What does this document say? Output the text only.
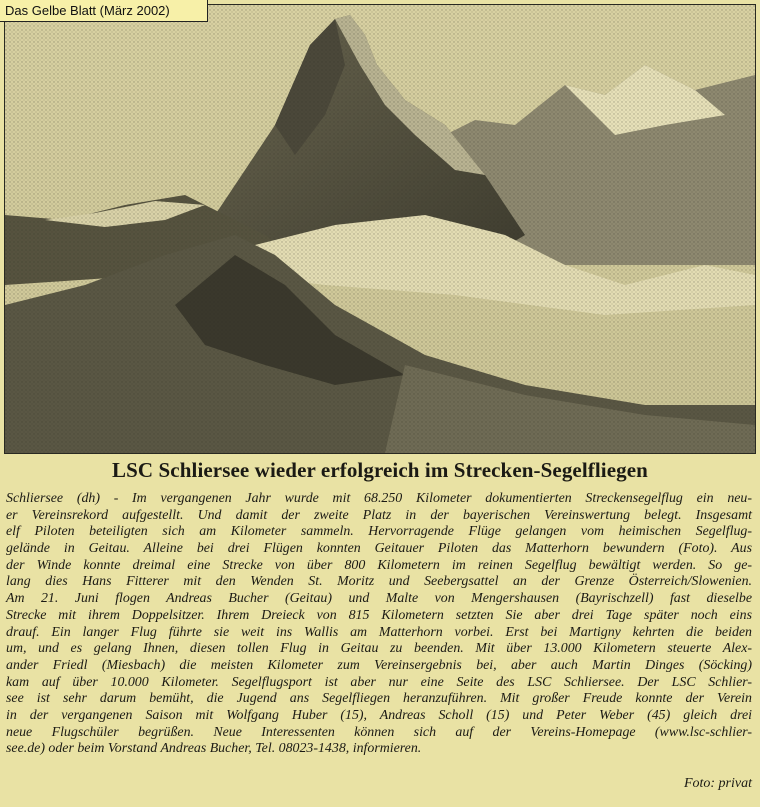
Das Gelbe Blatt (März 2002)
LSC Schliersee wieder erfolgreich im Strecken-Segelfliegen
Schliersee (dh) - Im vergangenen Jahr wurde mit 68.250 Kilometer dokumentierten Streckensegelflug ein neu-
er Vereinsrekord aufgestellt. Und damit der zweite Platz in der bayerischen Vereinswertung belegt. Insgesamt
elf Piloten beteiligten sich am Kilometer sammeln. Hervorragende Flüge gelangen vom heimischen Segelflug-
gelände in Geitau. Alleine bei drei Flügen konnten Geitauer Piloten das Matterhorn bewundern (Foto). Aus
der Winde konnte dreimal eine Strecke von über 800 Kilometern im reinen Segelflug bewältigt werden. So ge-
lang dies Hans Fitterer mit den Wenden St. Moritz und Seebergsattel an der Grenze Österreich/Slowenien.
Am 21. Juni flogen Andreas Bucher (Geitau) und Malte von Mengershausen (Bayrischzell) fast dieselbe
Strecke mit ihrem Doppelsitzer. Ihrem Dreieck von 815 Kilometern setzten Sie aber drei Tage später noch eins
drauf. Ein langer Flug führte sie weit ins Wallis am Matterhorn vorbei. Erst bei Martigny kehrten die beiden
um, und es gelang Ihnen, diesen tollen Flug in Geitau zu beenden. Mit über 13.000 Kilometern steuerte Alex-
ander Friedl (Miesbach) die meisten Kilometer zum Vereinsergebnis bei, aber auch Martin Dinges (Söcking)
kam auf über 10.000 Kilometer. Segelflugsport ist aber nur eine Seite des LSC Schliersee. Der LSC Schlier-
see ist sehr darum bemüht, die Jugend ans Segelfliegen heranzuführen. Mit großer Freude konnte der Verein
in der vergangenen Saison mit Wolfgang Huber (15), Andreas Scholl (15) und Peter Weber (45) gleich drei
neue Flugschüler begrüßen. Neue Interessenten können sich auf der Vereins-Homepage (www.lsc-schlier-
see.de) oder beim Vorstand Andreas Bucher, Tel. 08023-1438, informieren.
Foto: privat
